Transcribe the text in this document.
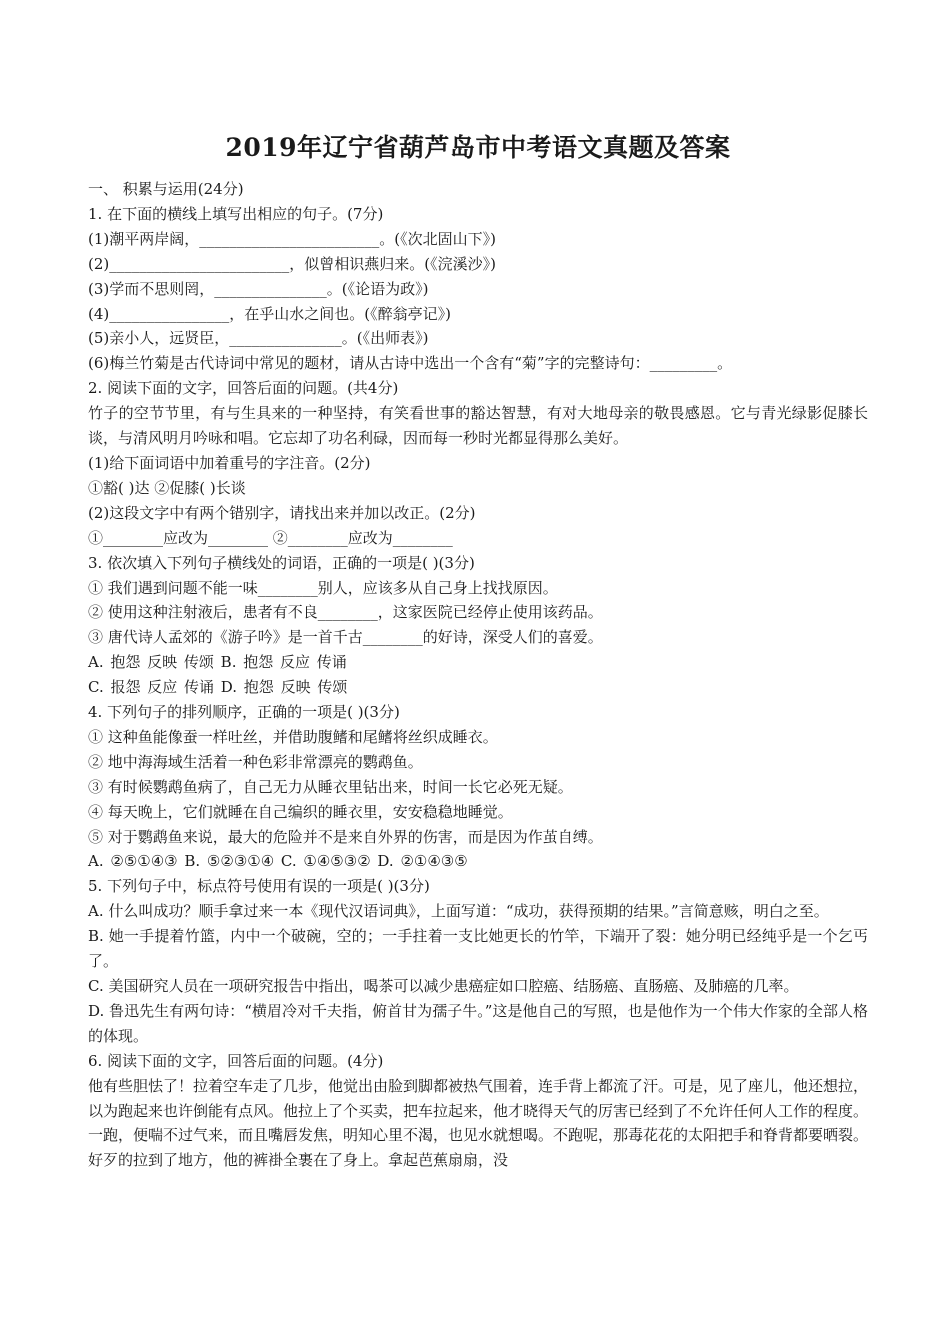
2019年辽宁省葫芦岛市中考语文真题及答案
一、 积累与运用(24分)
1. 在下面的横线上填写出相应的句子。(7分)
(1)潮平两岸阔，________________________。(《次北固山下》)
(2)________________________，似曾相识燕归来。(《浣溪沙》)
(3)学而不思则罔，_______________。(《论语为政》)
(4)________________，在乎山水之间也。(《醉翁亭记》)
(5)亲小人，远贤臣，_______________。(《出师表》)
(6)梅兰竹菊是古代诗词中常见的题材，请从古诗中选出一个含有“菊”字的完整诗句：_________。
2. 阅读下面的文字，回答后面的问题。(共4分)
竹子的空节节里，有与生具来的一种坚持，有笑看世事的豁达智慧，有对大地母亲的敬畏感恩。它与青光绿影促膝长谈，与清风明月吟咏和唱。它忘却了功名利碌，因而每一秒时光都显得那么美好。
(1)给下面词语中加着重号的字注音。(2分)
①豁( )达 ②促膝( )长谈
(2)这段文字中有两个错别字，请找出来并加以改正。(2分)
①________应改为________ ②________应改为________
3. 依次填入下列句子横线处的词语，正确的一项是( )(3分)
① 我们遇到问题不能一味________别人，应该多从自己身上找找原因。
② 使用这种注射液后，患者有不良________，这家医院已经停止使用该药品。
③ 唐代诗人孟郊的《游子吟》是一首千古________的好诗，深受人们的喜爱。
A. 抱怨 反映 传颂 B. 抱怨 反应 传诵
C. 报怨 反应 传诵 D. 抱怨 反映 传颂
4. 下列句子的排列顺序，正确的一项是( )(3分)
① 这种鱼能像蚕一样吐丝，并借助腹鳍和尾鳍将丝织成睡衣。
② 地中海海域生活着一种色彩非常漂亮的鹦鹉鱼。
③ 有时候鹦鹉鱼病了，自己无力从睡衣里钻出来，时间一长它必死无疑。
④ 每天晚上，它们就睡在自己编织的睡衣里，安安稳稳地睡觉。
⑤ 对于鹦鹉鱼来说，最大的危险并不是来自外界的伤害，而是因为作茧自缚。
A. ②⑤①④③ B. ⑤②③①④ C. ①④⑤③② D. ②①④③⑤
5. 下列句子中，标点符号使用有误的一项是( )(3分)
A. 什么叫成功？顺手拿过来一本《现代汉语词典》，上面写道：“成功，获得预期的结果。”言简意赅，明白之至。
B. 她一手提着竹篮，内中一个破碗，空的；一手拄着一支比她更长的竹竿，下端开了裂：她分明已经纯乎是一个乞丐了。
C. 美国研究人员在一项研究报告中指出，喝茶可以减少患癌症如口腔癌、结肠癌、直肠癌、及肺癌的几率。
D. 鲁迅先生有两句诗：“横眉冷对千夫指，俯首甘为孺子牛。”这是他自己的写照，也是他作为一个伟大作家的全部人格的体现。
6. 阅读下面的文字，回答后面的问题。(4分)
他有些胆怯了！拉着空车走了几步，他觉出由脸到脚都被热气围着，连手背上都流了汗。可是，见了座儿，他还想拉，以为跑起来也许倒能有点风。他拉上了个买卖，把车拉起来，他才晓得天气的厉害已经到了不允许任何人工作的程度。一跑，便喘不过气来，而且嘴唇发焦，明知心里不渴，也见水就想喝。不跑呢，那毒花花的太阳把手和脊背都要晒裂。好歹的拉到了地方，他的裤褂全裹在了身上。拿起芭蕉扇扇，没
